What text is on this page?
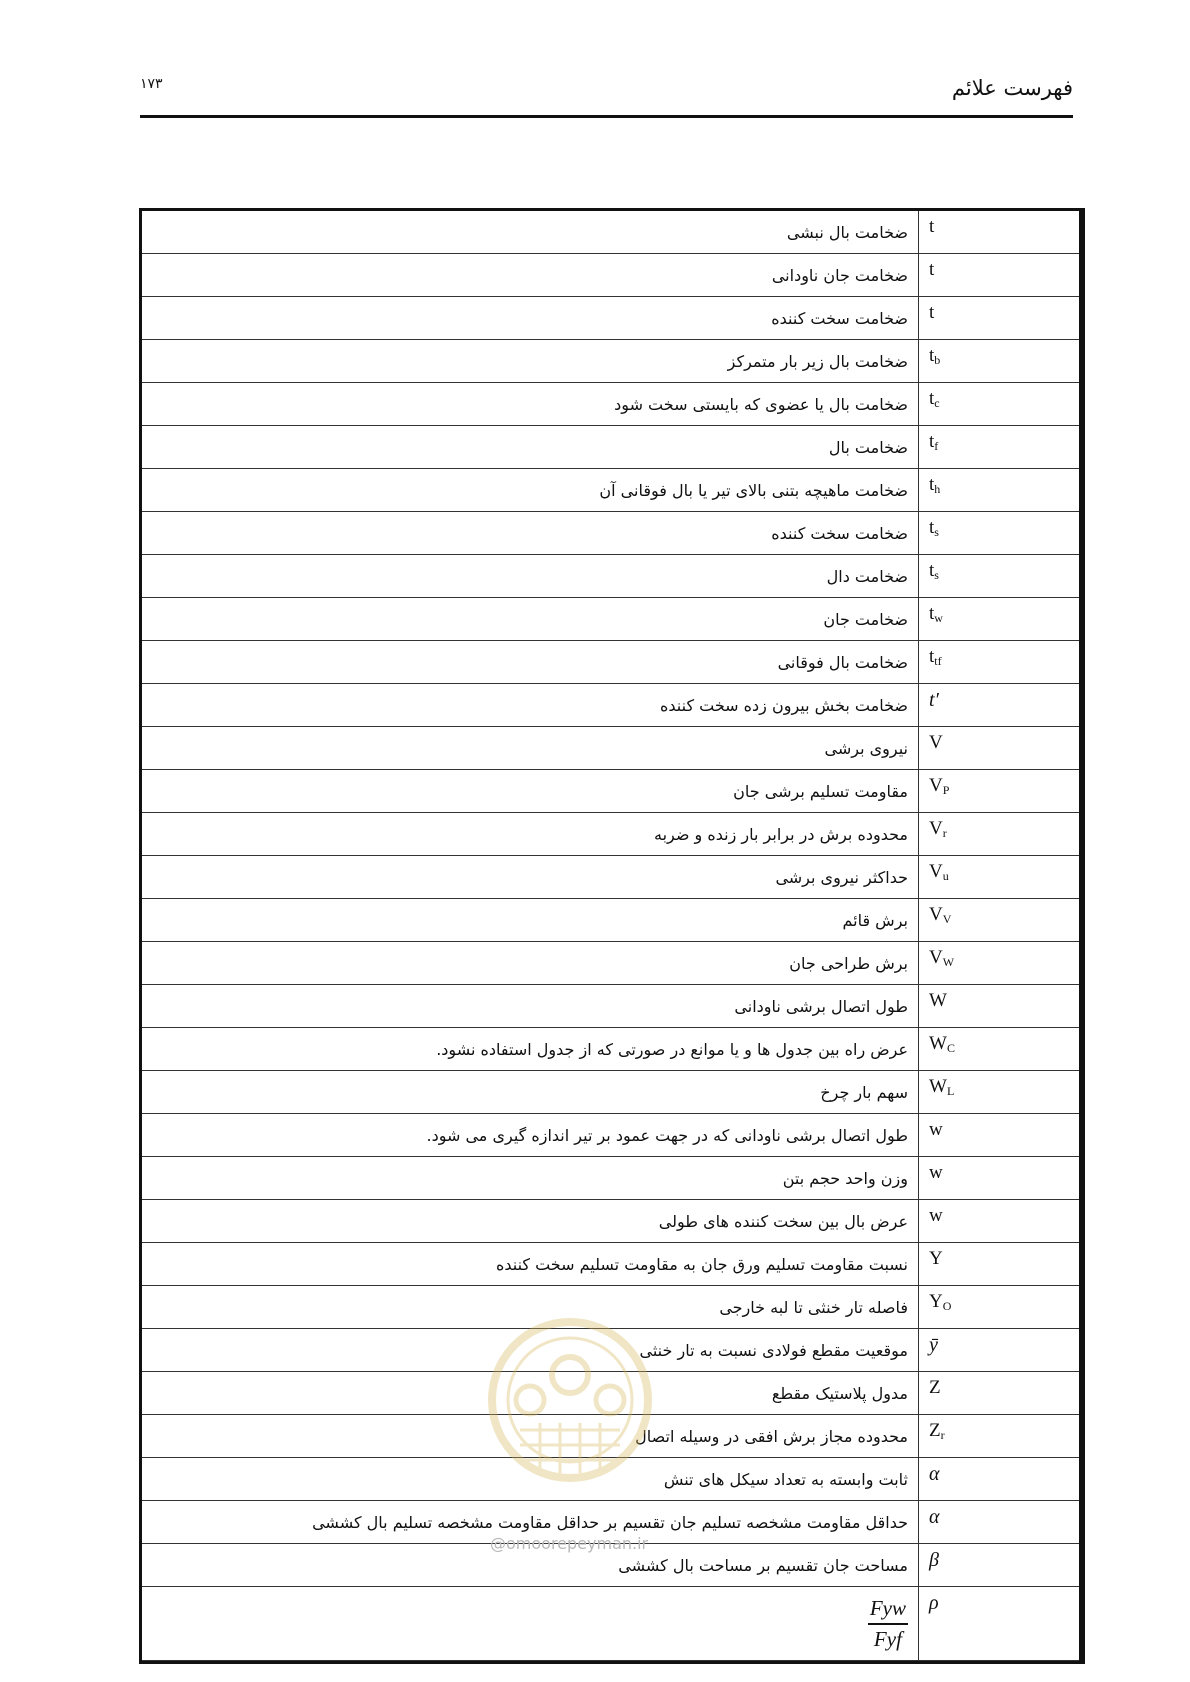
فهرست علائم
۱۷۳
ضخامت بال نبشی	t
ضخامت جان ناودانی	t
ضخامت سخت کننده	t
ضخامت بال زیر بار متمرکز	$t_b$
ضخامت بال یا عضوی که بایستی سخت شود	$t_c$
ضخامت بال	$t_f$
ضخامت ماهیچه بتنی بالای تیر یا بال فوقانی آن	$t_h$
ضخامت سخت کننده	$t_s$
ضخامت دال	$t_s$
ضخامت جان	$t_w$
ضخامت بال فوقانی	$t_{tf}$
ضخامت بخش بیرون زده سخت کننده	t′
نیروی برشی	V
مقاومت تسلیم برشی جان	$V_P$
محدوده برش در برابر بار زنده و ضربه	$V_r$
حداکثر نیروی برشی	$V_u$
برش قائم	$V_V$
برش طراحی جان	$V_W$
طول اتصال برشی ناودانی	W
عرض راه بین جدول ها و یا موانع در صورتی که از جدول استفاده نشود.	$W_C$
سهم بار چرخ	$W_L$
طول اتصال برشی ناودانی که در جهت عمود بر تیر اندازه گیری می شود.	w
وزن واحد حجم بتن	w
عرض بال بین سخت کننده های طولی	w
نسبت مقاومت تسلیم ورق جان به مقاومت تسلیم سخت کننده	Y
فاصله تار خنثی تا لبه خارجی	$Y_O$
موقعیت مقطع فولادی نسبت به تار خنثی	ȳ
مدول پلاستیک مقطع	Z
محدوده مجاز برش افقی در وسیله اتصال	$Z_r$
ثابت وابسته به تعداد سیکل های تنش	α
حداقل مقاومت مشخصه تسلیم جان تقسیم بر حداقل مقاومت مشخصه تسلیم بال کششی	α
مساحت جان تقسیم بر مساحت بال کششی	β

$\frac{\text{Fyw}}{\text{Fyf}}$	ρ
@omoorepeyman.ir
